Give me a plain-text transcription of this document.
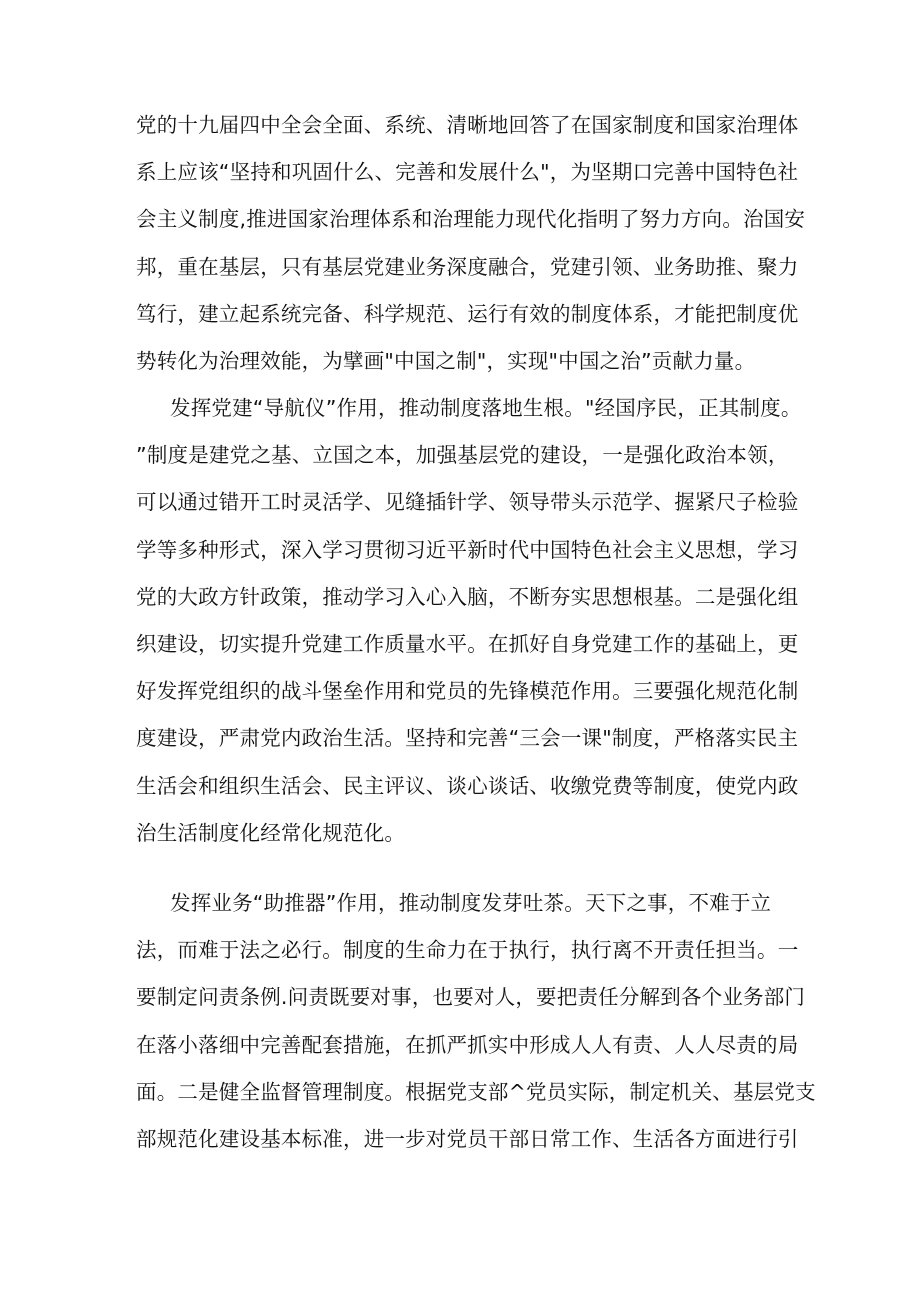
党的十九届四中全会全面、系统、清晰地回答了在国家制度和国家治理体
系上应该“坚持和巩固什么、完善和发展什么"，为坚期口完善中国特色社
会主义制度,推进国家治理体系和治理能力现代化指明了努力方向。治国安
邦，重在基层，只有基层党建业务深度融合，党建引领、业务助推、聚力
笃行，建立起系统完备、科学规范、运行有效的制度体系，才能把制度优
势转化为治理效能，为擘画"中国之制"，实现"中国之治”贡献力量。

发挥党建“导航仪”作用，推动制度落地生根。"经国序民，正其制度。
”制度是建党之基、立国之本，加强基层党的建设，一是强化政治本领，
可以通过错开工时灵活学、见缝插针学、领导带头示范学、握紧尺子检验
学等多种形式，深入学习贯彻习近平新时代中国特色社会主义思想，学习
党的大政方针政策，推动学习入心入脑，不断夯实思想根基。二是强化组
织建设，切实提升党建工作质量水平。在抓好自身党建工作的基础上，更
好发挥党组织的战斗堡垒作用和党员的先锋模范作用。三要强化规范化制
度建设，严肃党内政治生活。坚持和完善“三会一课"制度，严格落实民主
生活会和组织生活会、民主评议、谈心谈话、收缴党费等制度，使党内政
治生活制度化经常化规范化。

发挥业务“助推器”作用，推动制度发芽吐茶。天下之事，不难于立
法，而难于法之必行。制度的生命力在于执行，执行离不开责任担当。一
要制定问责条例.问责既要对事，也要对人，要把责任分解到各个业务部门
在落小落细中完善配套措施，在抓严抓实中形成人人有责、人人尽责的局
面。二是健全监督管理制度。根据党支部^党员实际，制定机关、基层党支
部规范化建设基本标准，进一步对党员干部日常工作、生活各方面进行引
